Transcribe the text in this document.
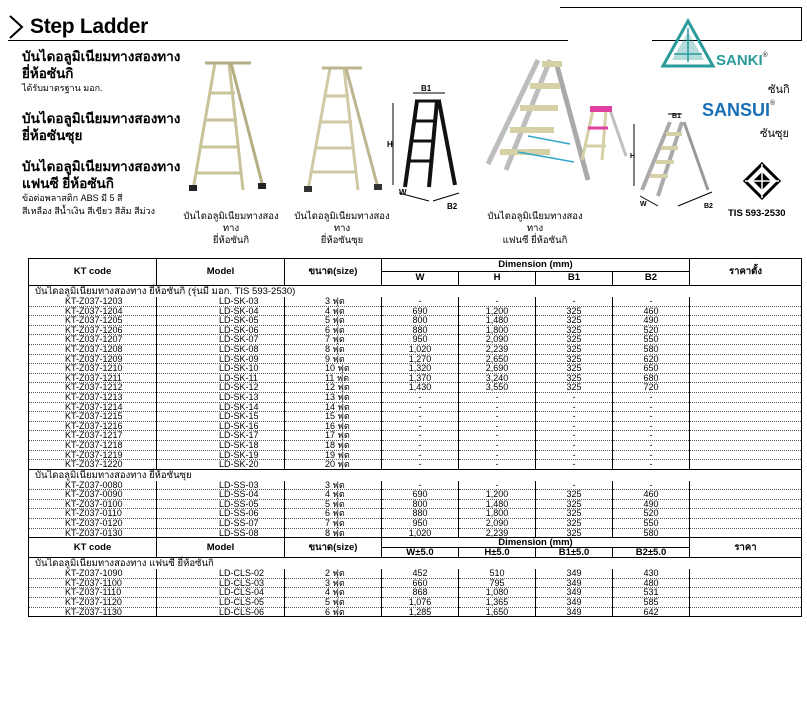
Step Ladder
บันไดอลูมิเนียมทางสองทาง
ยี่ห้อซันกิ
ได้รับมาตรฐาน มอก.
บันไดอลูมิเนียมทางสองทาง
ยี่ห้อซันซุย
บันไดอลูมิเนียมทางสองทาง
แฟนซี ยี่ห้อซันกิ
ข้อต่อพลาสติก ABS มี 5 สี
สีเหลือง สีน้ำเงิน สีเขียว สีส้ม สีม่วง	บันไดอลูมิเนียมทางสองทาง
ยี่ห้อซันกิ
บันไดอลูมิเนียมทางสองทาง
ยี่ห้อซันซุย
B1
H
W
B2
บันไดอลูมิเนียมทางสองทาง
แฟนซี ยี่ห้อซันกิ
B1
H
W	B2
SANKI®
ซันกิ
SANSUI®
ซันซุย
TIS 593-2530
KT code	Model	ขนาด(size)	Dimension (mm)				ราคาตั้ง
			W	H	B1	B2	
บันไดอลูมิเนียมทางสองทาง ยี่ห้อซันกิ (รุ่นมี มอก. TIS 593-2530)							
KT-Z037-1203	LD-SK-03	3 ฟุต	-	-	-	-	
KT-Z037-1204	LD-SK-04	4 ฟุต	690	1,200	325	460	
KT-Z037-1205	LD-SK-05	5 ฟุต	800	1,480	325	490	
KT-Z037-1206	LD-SK-06	6 ฟุต	880	1,800	325	520	
KT-Z037-1207	LD-SK-07	7 ฟุต	950	2,090	325	550	
KT-Z037-1208	LD-SK-08	8 ฟุต	1,020	2,239	325	580	
KT-Z037-1209	LD-SK-09	9 ฟุต	1,270	2,650	325	620	
KT-Z037-1210	LD-SK-10	10 ฟุต	1,320	2,690	325	650	
KT-Z037-1211	LD-SK-11	11 ฟุต	1,370	3,240	325	680	
KT-Z037-1212	LD-SK-12	12 ฟุต	1,430	3,550	325	720	
KT-Z037-1213	LD-SK-13	13 ฟุต	-	-	-	-	
KT-Z037-1214	LD-SK-14	14 ฟุต	-	-	-	-	
KT-Z037-1215	LD-SK-15	15 ฟุต	-	-	-	-	
KT-Z037-1216	LD-SK-16	16 ฟุต	-	-	-	-	
KT-Z037-1217	LD-SK-17	17 ฟุต	-	-	-	-	
KT-Z037-1218	LD-SK-18	18 ฟุต	-	-	-	-	
KT-Z037-1219	LD-SK-19	19 ฟุต	-	-	-	-	
KT-Z037-1220	LD-SK-20	20 ฟุต	-	-	-	-	
บันไดอลูมิเนียมทางสองทาง ยี่ห้อซันซุย							
KT-Z037-0080	LD-SS-03	3 ฟุต	-	-	-	-	
KT-Z037-0090	LD-SS-04	4 ฟุต	690	1,200	325	460	
KT-Z037-0100	LD-SS-05	5 ฟุต	800	1,480	325	490	
KT-Z037-0110	LD-SS-06	6 ฟุต	880	1,800	325	520	
KT-Z037-0120	LD-SS-07	7 ฟุต	950	2,090	325	550	
KT-Z037-0130	LD-SS-08	8 ฟุต	1,020	2,239	325	580	
KT code	Model	ขนาด(size)	Dimension (mm)				ราคา
			W±5.0	H±5.0	B1±5.0	B2±5.0	
บันไดอลูมิเนียมทางสองทาง แฟนซี ยี่ห้อซันกิ							
KT-Z037-1090	LD-CLS-02	2 ฟุต	452	510	349	430	
KT-Z037-1100	LD-CLS-03	3 ฟุต	660	795	349	480	
KT-Z037-1110	LD-CLS-04	4 ฟุต	868	1,080	349	531	
KT-Z037-1120	LD-CLS-05	5 ฟุต	1,076	1,365	349	585	
KT-Z037-1130	LD-CLS-06	6 ฟุต	1,285	1,650	349	642	
